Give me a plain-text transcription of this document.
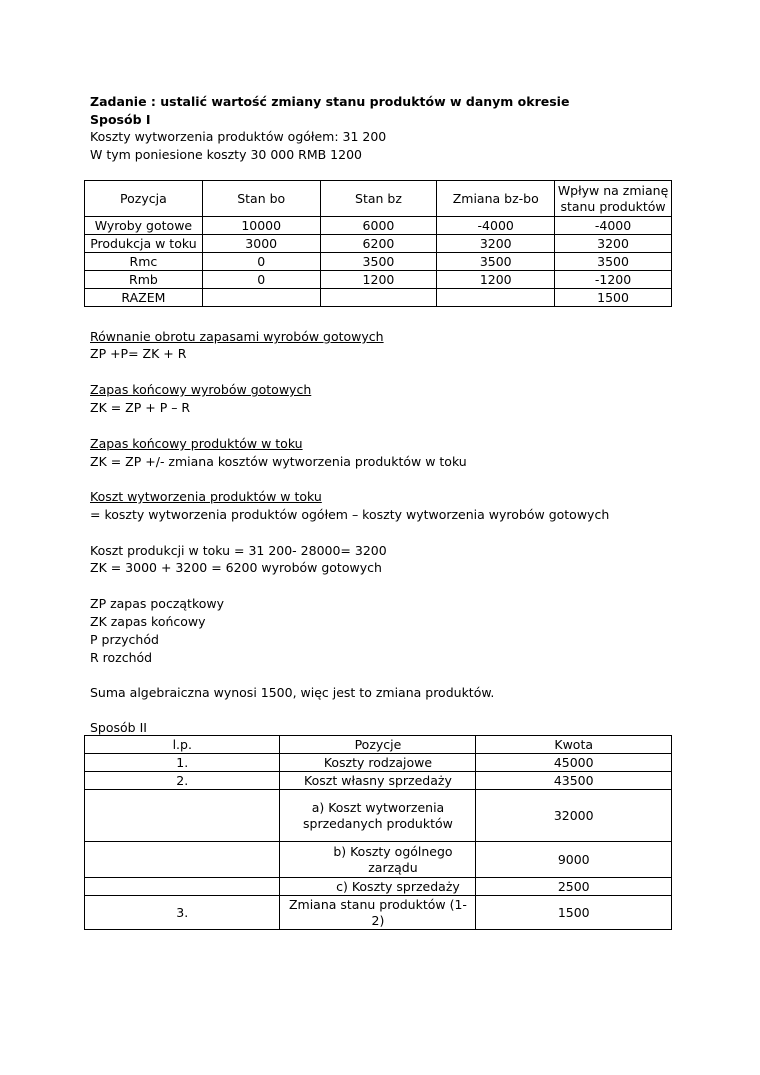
Zadanie : ustalić wartość zmiany stanu produktów w danym okresie
Sposób I
Koszty wytworzenia produktów ogółem: 31 200
W tym poniesione koszty 30 000 RMB 1200
Równanie obrotu zapasami wyrobów gotowych
ZP +P= ZK + R
Zapas końcowy wyrobów gotowych
ZK = ZP + P – R
Zapas końcowy produktów w toku
ZK = ZP +/- zmiana kosztów wytworzenia produktów w toku
Koszt wytworzenia produktów w toku
= koszty wytworzenia produktów ogółem – koszty wytworzenia wyrobów gotowych
Koszt produkcji w toku = 31 200- 28000= 3200
ZK = 3000 + 3200 = 6200 wyrobów gotowych
ZP zapas początkowy
ZK zapas końcowy
P przychód
R rozchód
Suma algebraiczna wynosi 1500, więc jest to zmiana produktów.
Sposób II
Pozycja	Stan bo	Stan bz	Zmiana bz-bo	Wpływ na zmianę stanu produktów
Wyroby gotowe	10000	6000	-4000	-4000
Produkcja w toku	3000	6200	3200	3200
Rmc	0	3500	3500	3500
Rmb	0	1200	1200	-1200
RAZEM				1500
l.p.	Pozycje	Kwota
1.	Koszty rodzajowe	45000
2.	Koszt własny sprzedaży	43500
	a) Koszt wytworzenia sprzedanych produktów	32000
	b) Koszty ogólnego zarządu	9000
	c) Koszty sprzedaży	2500
3.	Zmiana stanu produktów (1-2)	1500
